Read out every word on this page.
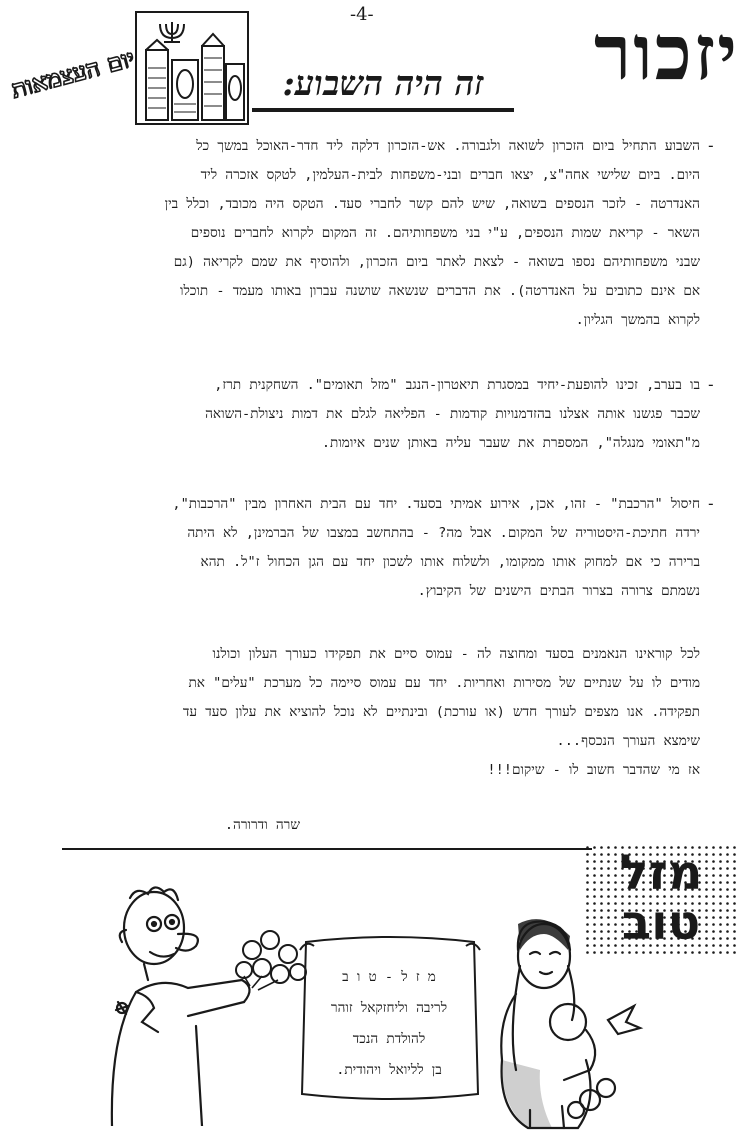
-4-	יזכור
זה היה השבוע:
יום העצמאות
-
השבוע התחיל ביום הזכרון לשואה ולגבורה. אש-הזכרון דלקה ליד חדר-האוכל במשך כל
היום. ביום שלישי אחה"צ, יצאו חברים ובני-משפחות לבית-העלמין, לטקס אזכרה ליד
האנדרטה - לזכר הנספים בשואה, שיש להם קשר לחברי סעד. הטקס היה מכובד, וכלל בין
השאר - קריאת שמות הנספים, ע"י בני משפחותיהם. זה המקום לקרוא לחברים נוספים
שבני משפחותיהם נספו בשואה - לצאת לאתר ביום הזכרון, ולהוסיף את שמם לקריאה (גם
אם אינם כתובים על האנדרטה). את הדברים שנשאה שושנה עברון באותו מעמד - תוכלו
לקרוא בהמשך הגליון.
-
בו בערב, זכינו להופעת-יחיד במסגרת תיאטרון-הנגב "מזל תאומים". השחקנית תרז,
שכבר פגשנו אותה אצלנו בהזדמנויות קודמות - הפליאה לגלם את דמות ניצולת-השואה
מ"תאומי מנגלה", המספרת את שעבר עליה באותן שנים איומות.
-
חיסול "הרכבת" - זהו, אכן, אירוע אמיתי בסעד. יחד עם הבית האחרון מבין "הרכבות",
ירדה חתיכת-היסטוריה של המקום. אבל מה? - בהתחשב במצבו של הברמינן, לא היתה
ברירה כי אם למחוק אותו ממקומו, ולשלוח אותו לשכון יחד עם הגן הכחול ז"ל. תהא
נשמתם צרורה בצרור הבתים הישנים של הקיבוץ.
לכל קוראינו הנאמנים בסעד ומחוצה לה - עמוס סיים את תפקידו כעורך העלון וכולנו
מודים לו על שנתיים של מסירות ואחריות. יחד עם עמוס סיימה כל מערכת "עלים" את
תפקידה. אנו מצפים לעורך חדש (או עורכת) ובינתיים לא נוכל להוציא את עלון סעד עד
שימצא העורך הנכסף...
אז מי שהדבר חשוב לו - שיקום!!!
שרה ודרורה.
מזל טוב
מ ז ל - ט ו ב
לריבה וליחזקאל זוהר
להולדת הנכד
בן לליואל ויהודית.
